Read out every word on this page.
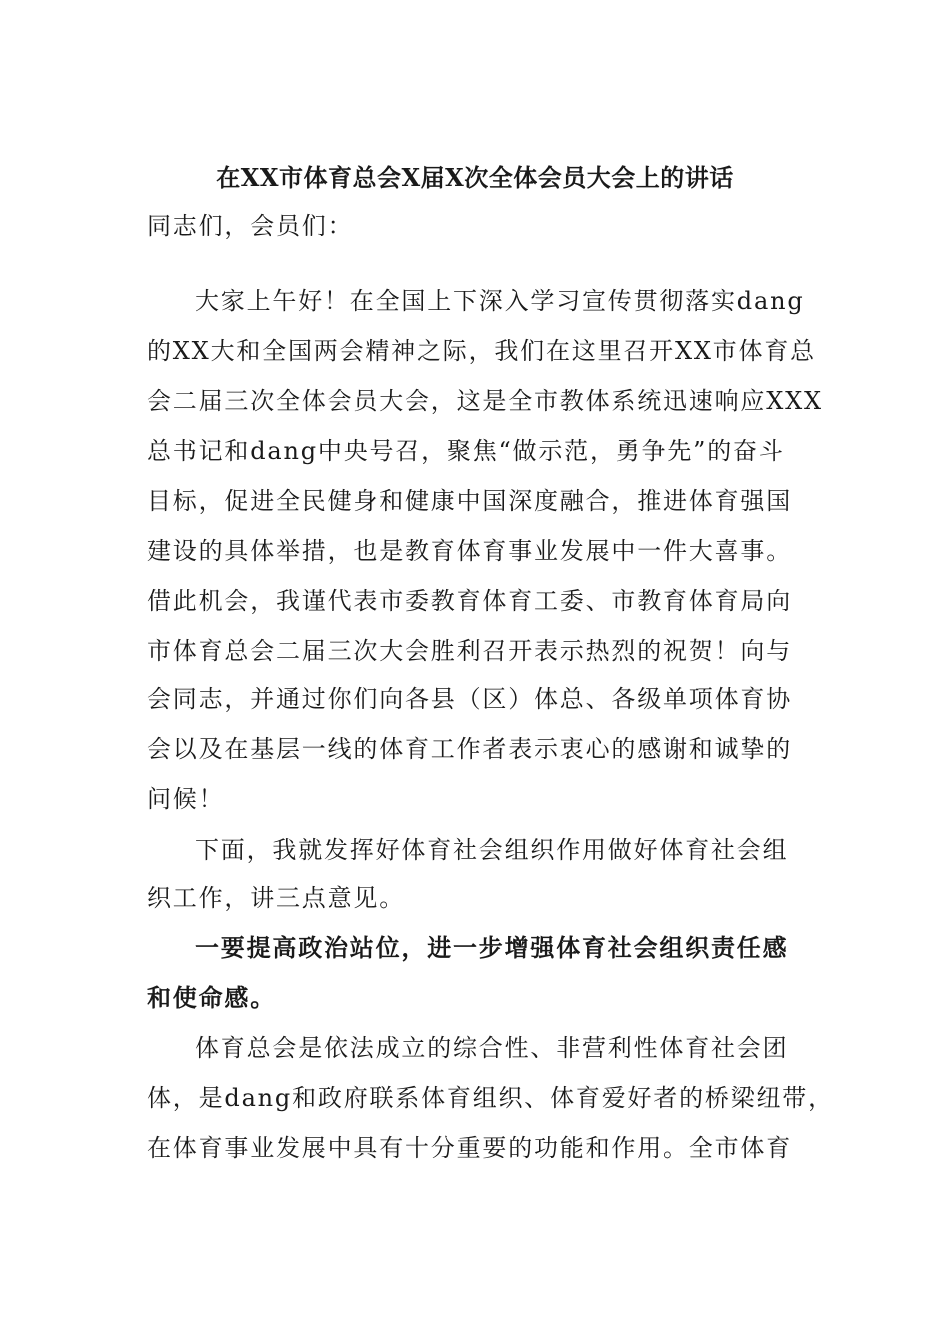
在XX市体育总会X届X次全体会员大会上的讲话
同志们，会员们：
大家上午好！在全国上下深入学习宣传贯彻落实dang
的XX大和全国两会精神之际，我们在这里召开XX市体育总
会二届三次全体会员大会，这是全市教体系统迅速响应XXX
总书记和dang中央号召，聚焦“做示范，勇争先”的奋斗
目标，促进全民健身和健康中国深度融合，推进体育强国
建设的具体举措，也是教育体育事业发展中一件大喜事。
借此机会，我谨代表市委教育体育工委、市教育体育局向
市体育总会二届三次大会胜利召开表示热烈的祝贺！向与
会同志，并通过你们向各县（区）体总、各级单项体育协
会以及在基层一线的体育工作者表示衷心的感谢和诚挚的
问候！
下面，我就发挥好体育社会组织作用做好体育社会组
织工作，讲三点意见。
一要提高政治站位，进一步增强体育社会组织责任感
和使命感。
体育总会是依法成立的综合性、非营利性体育社会团
体，是dang和政府联系体育组织、体育爱好者的桥梁纽带，
在体育事业发展中具有十分重要的功能和作用。全市体育
